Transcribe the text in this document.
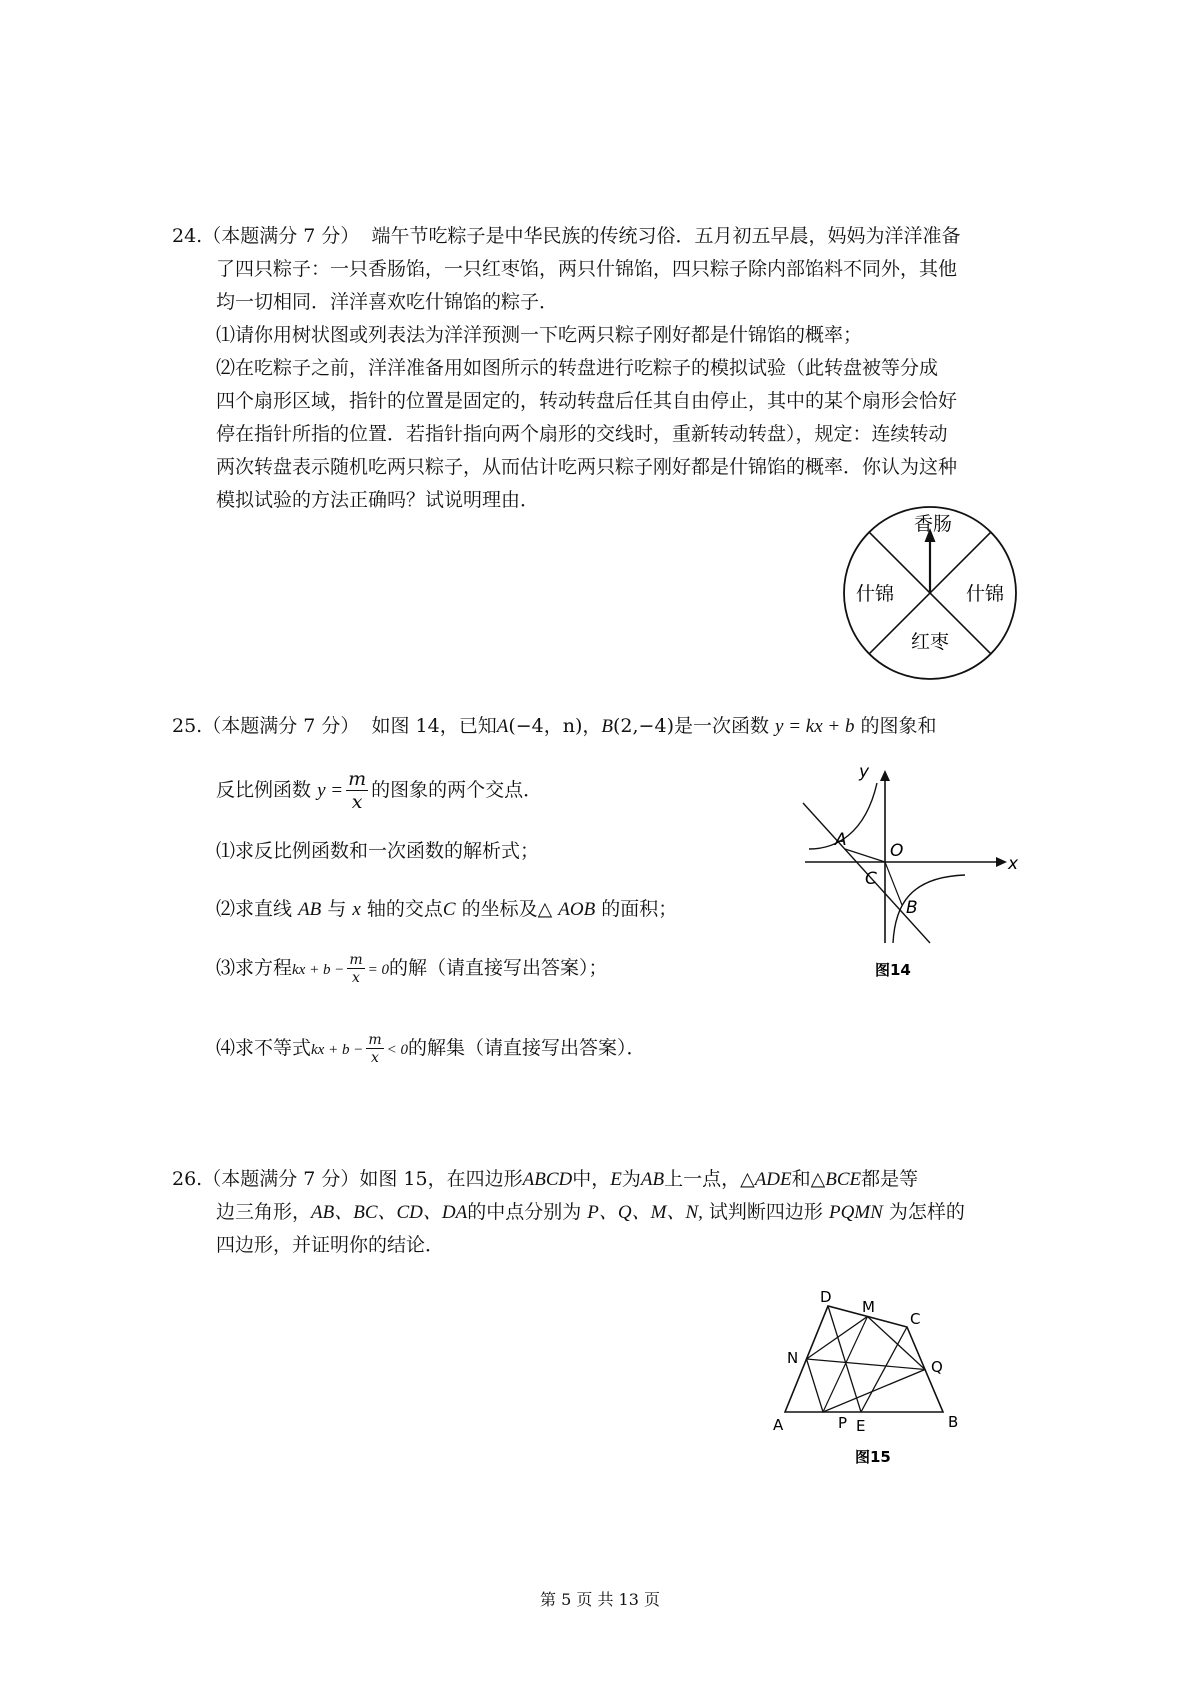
24.（本题满分 7 分） 端午节吃粽子是中华民族的传统习俗．五月初五早晨，妈妈为洋洋准备
了四只粽子：一只香肠馅，一只红枣馅，两只什锦馅，四只粽子除内部馅料不同外，其他
均一切相同．洋洋喜欢吃什锦馅的粽子．
⑴请你用树状图或列表法为洋洋预测一下吃两只粽子刚好都是什锦馅的概率；
⑵在吃粽子之前，洋洋准备用如图所示的转盘进行吃粽子的模拟试验（此转盘被等分成
四个扇形区域，指针的位置是固定的，转动转盘后任其自由停止，其中的某个扇形会恰好
停在指针所指的位置．若指针指向两个扇形的交线时，重新转动转盘），规定：连续转动
两次转盘表示随机吃两只粽子，从而估计吃两只粽子刚好都是什锦馅的概率．你认为这种
模拟试验的方法正确吗？试说明理由．
香肠
什锦	什锦
红枣
25.（本题满分 7 分） 如图 14，已知A(−4，n)，B(2,−4)是一次函数 y = kx + b 的图象和
反比例函数 $y = \frac{m}{x}$ 的图象的两个交点．
⑴求反比例函数和一次函数的解析式；
⑵求直线 AB 与 x 轴的交点C 的坐标及△ AOB 的面积；
⑶求方程kx + $b - \frac{m}{x} = 0$的解（请直接写出答案）；
⑷求不等式kx + $b - \frac{m}{x} < 0$的解集（请直接写出答案）．
y
x
O
A
B
C
图14
26.（本题满分 7 分）如图 15，在四边形ABCD中，E为AB上一点，△ADE和△BCE都是等
边三角形，AB、BC、CD、DA的中点分别为 P、Q、M、N, 试判断四边形 PQMN 为怎样的
四边形，并证明你的结论．
A	B
C
D
E
M
N
P
Q
图15
第 5 页 共 13 页
